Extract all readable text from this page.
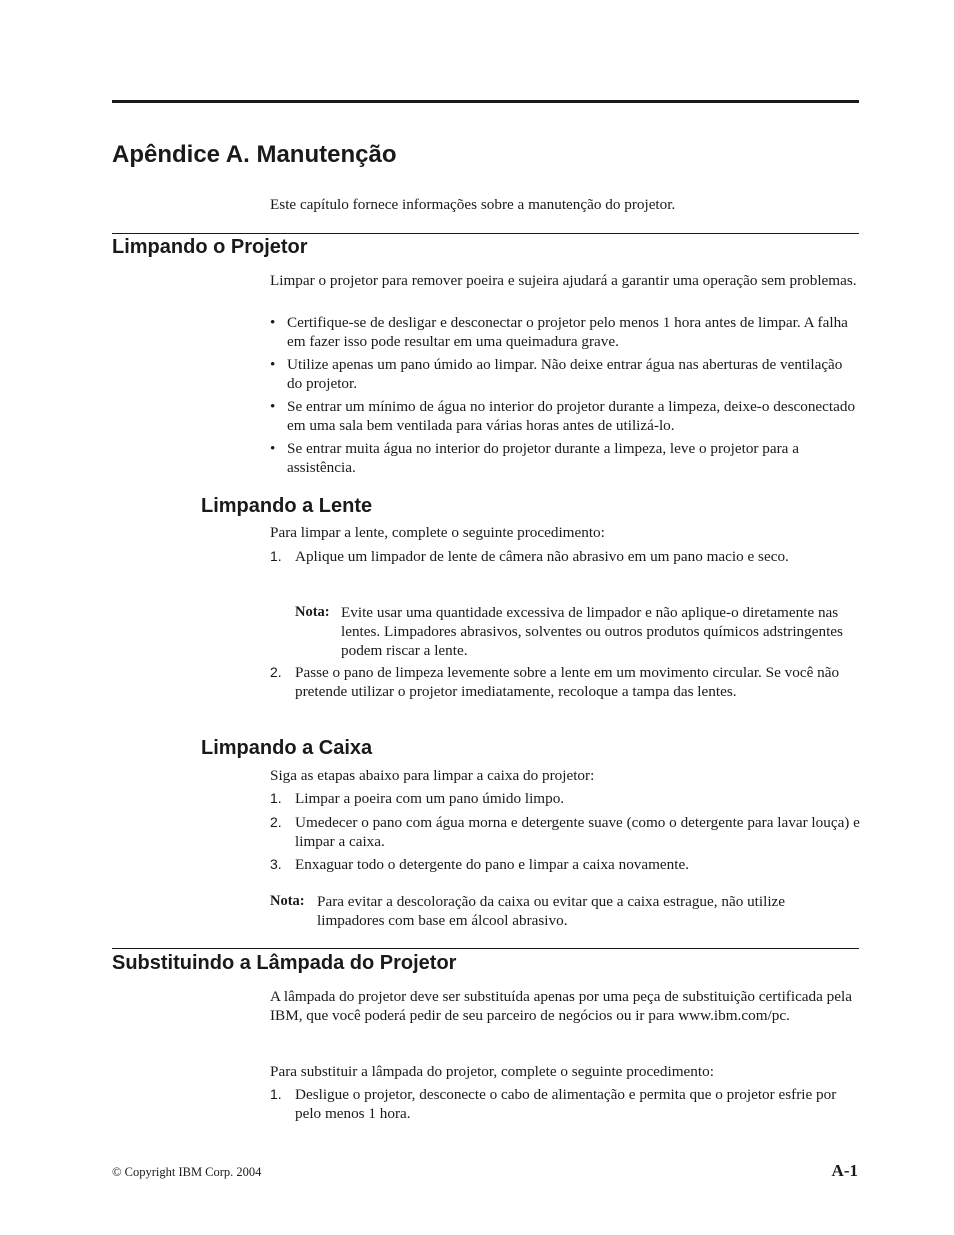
Apêndice A. Manutenção

Este capítulo fornece informações sobre a manutenção do projetor.

Limpando o Projetor

Limpar o projetor para remover poeira e sujeira ajudará a garantir uma operação sem problemas.

• Certifique-se de desligar e desconectar o projetor pelo menos 1 hora antes de limpar. A falha em fazer isso pode resultar em uma queimadura grave.
• Utilize apenas um pano úmido ao limpar. Não deixe entrar água nas aberturas de ventilação do projetor.
• Se entrar um mínimo de água no interior do projetor durante a limpeza, deixe-o desconectado em uma sala bem ventilada para várias horas antes de utilizá-lo.
• Se entrar muita água no interior do projetor durante a limpeza, leve o projetor para a assistência.
Limpando a Lente

Para limpar a lente, complete o seguinte procedimento:

1. Aplique um limpador de lente de câmera não abrasivo em um pano macio e seco.
Nota: Evite usar uma quantidade excessiva de limpador e não aplique-o diretamente nas lentes. Limpadores abrasivos, solventes ou outros produtos químicos adstringentes podem riscar a lente.
2. Passe o pano de limpeza levemente sobre a lente em um movimento circular. Se você não pretende utilizar o projetor imediatamente, recoloque a tampa das lentes.
Limpando a Caixa

Siga as etapas abaixo para limpar a caixa do projetor:

1. Limpar a poeira com um pano úmido limpo.
2. Umedecer o pano com água morna e detergente suave (como o detergente para lavar louça) e limpar a caixa.
3. Enxaguar todo o detergente do pano e limpar a caixa novamente.
Nota: Para evitar a descoloração da caixa ou evitar que a caixa estrague, não utilize limpadores com base em álcool abrasivo.
Substituindo a Lâmpada do Projetor

A lâmpada do projetor deve ser substituída apenas por uma peça de substituição certificada pela IBM, que você poderá pedir de seu parceiro de negócios ou ir para www.ibm.com/pc.

Para substituir a lâmpada do projetor, complete o seguinte procedimento:

1. Desligue o projetor, desconecte o cabo de alimentação e permita que o projetor esfrie por pelo menos 1 hora.
© Copyright IBM Corp. 2004	A-1
